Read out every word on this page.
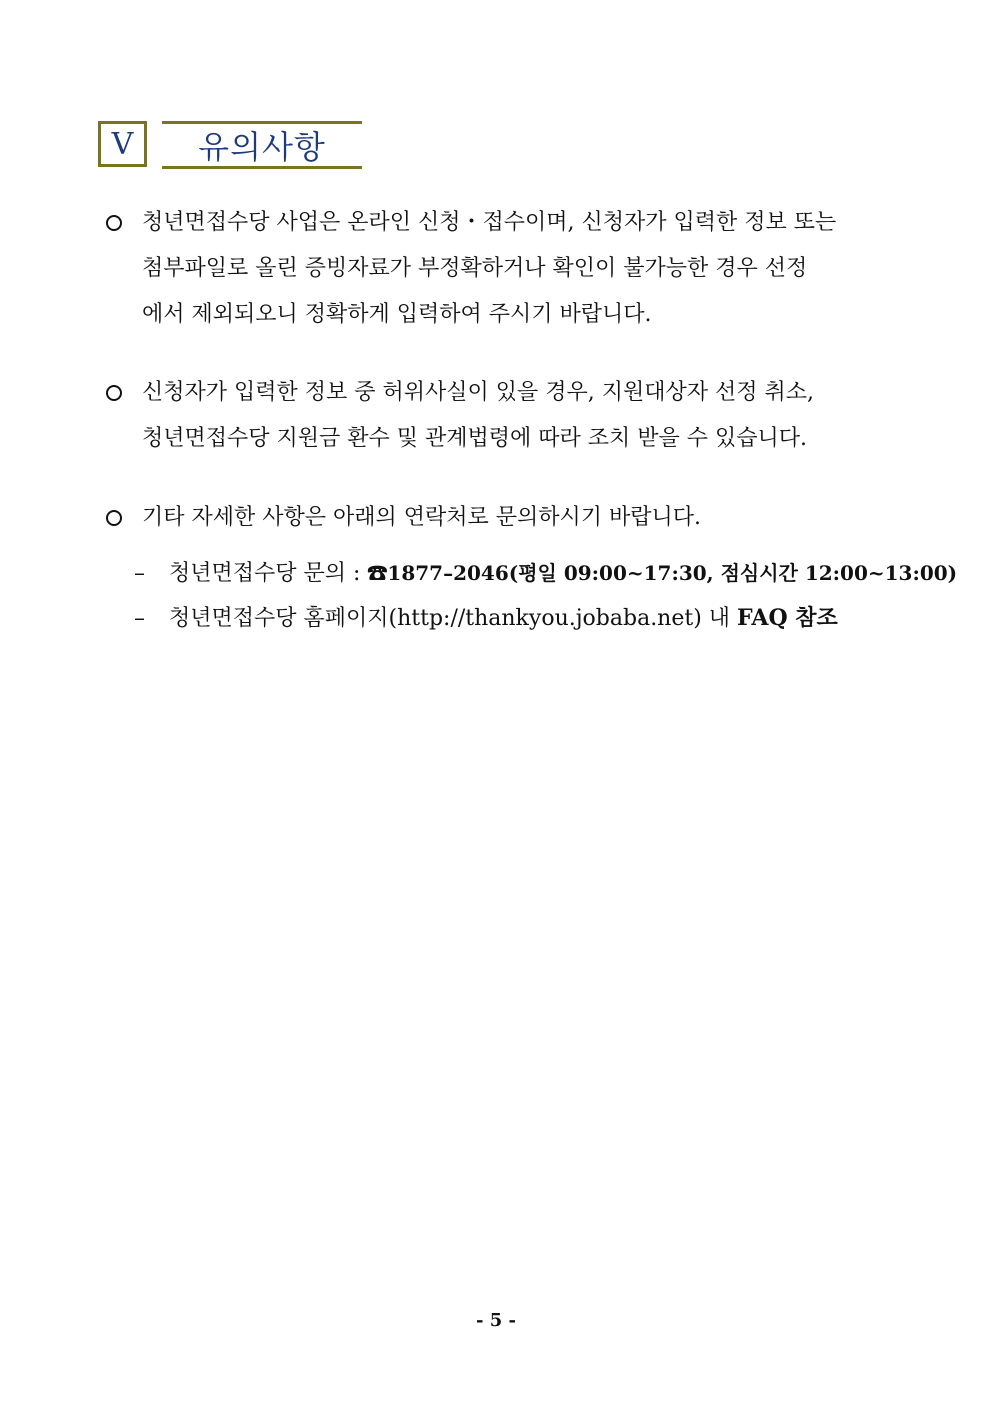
Ⅴ	유의사항
청년면접수당 사업은 온라인 신청・접수이며, 신청자가 입력한 정보 또는
첨부파일로 올린 증빙자료가 부정확하거나 확인이 불가능한 경우 선정
에서 제외되오니 정확하게 입력하여 주시기 바랍니다.
신청자가 입력한 정보 중 허위사실이 있을 경우, 지원대상자 선정 취소,
청년면접수당 지원금 환수 및 관계법령에 따라 조치 받을 수 있습니다.
기타 자세한 사항은 아래의 연락처로 문의하시기 바랍니다.
– 청년면접수당 문의 : ☎1877–2046(평일 09:00~17:30, 점심시간 12:00~13:00)
– 청년면접수당 홈페이지(http://thankyou.jobaba.net) 내 FAQ 참조
- 5 -
